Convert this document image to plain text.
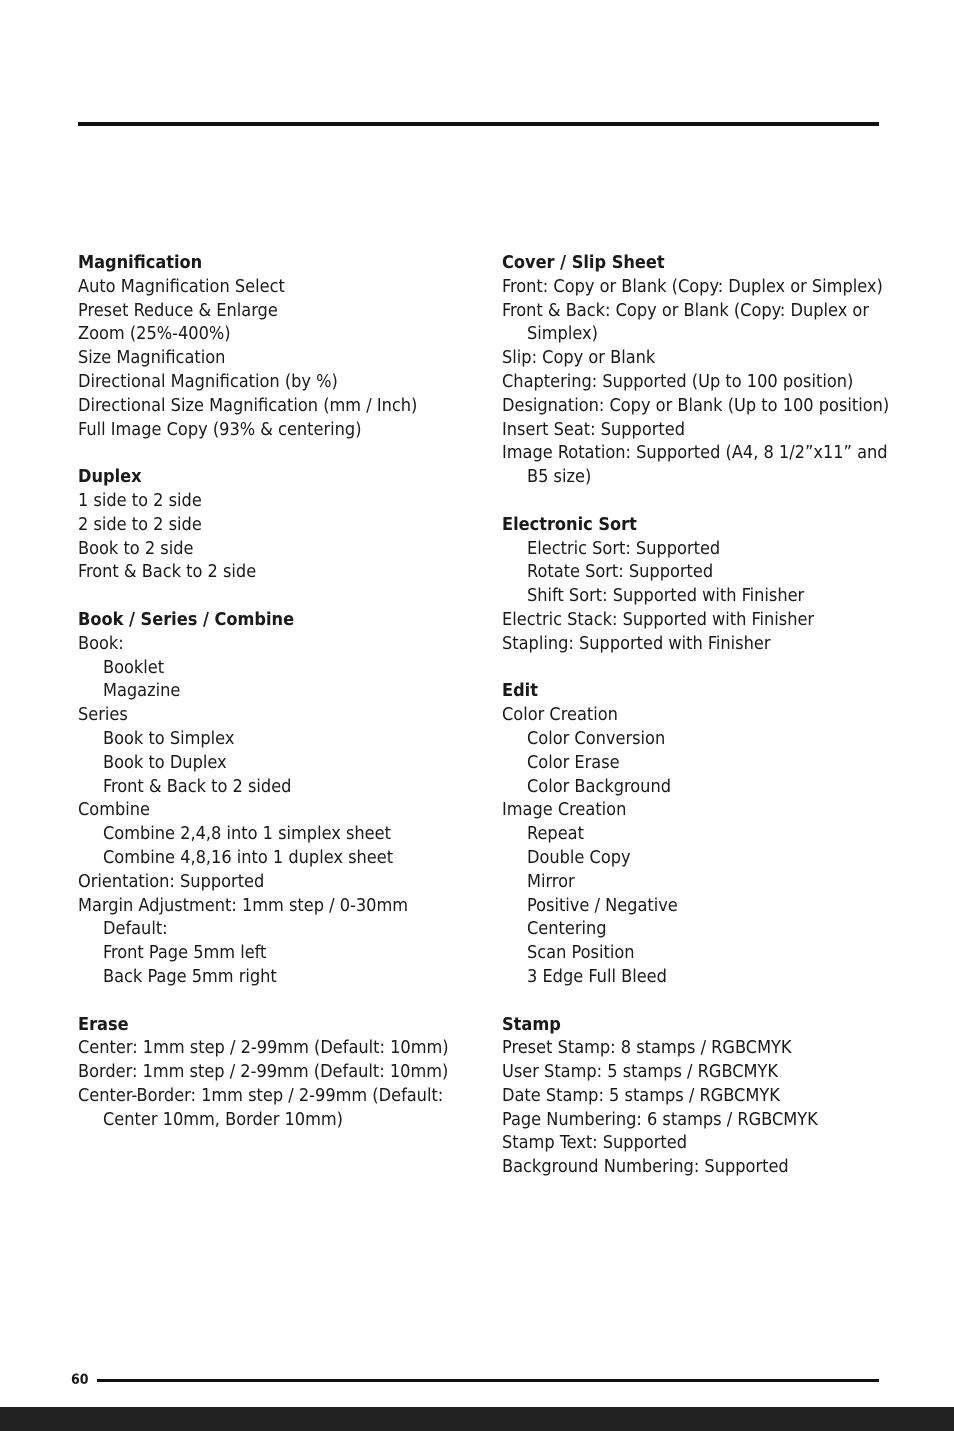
Magnification
Auto Magnification Select
Preset Reduce & Enlarge
Zoom (25%-400%)
Size Magnification
Directional Magnification (by %)
Directional Size Magnification (mm / Inch)
Full Image Copy (93% & centering)
Duplex
1 side to 2 side
2 side to 2 side
Book to 2 side
Front & Back to 2 side
Book / Series / Combine
Book:
Booklet
Magazine
Series
Book to Simplex
Book to Duplex
Front & Back to 2 sided
Combine
Combine 2,4,8 into 1 simplex sheet
Combine 4,8,16 into 1 duplex sheet
Orientation: Supported
Margin Adjustment: 1mm step / 0-30mm
Default:
Front Page 5mm left
Back Page 5mm right
Erase
Center: 1mm step / 2-99mm (Default: 10mm)
Border: 1mm step / 2-99mm (Default: 10mm)
Center-Border: 1mm step / 2-99mm (Default: Center 10mm, Border 10mm)
Cover / Slip Sheet
Front: Copy or Blank (Copy: Duplex or Simplex)
Front & Back: Copy or Blank (Copy: Duplex or Simplex)
Slip: Copy or Blank
Chaptering: Supported (Up to 100 position)
Designation: Copy or Blank (Up to 100 position)
Insert Seat: Supported
Image Rotation: Supported (A4, 8 1/2”x11” and B5 size)
Electronic Sort
Electric Sort: Supported
Rotate Sort: Supported
Shift Sort: Supported with Finisher
Electric Stack: Supported with Finisher
Stapling: Supported with Finisher
Edit
Color Creation
Color Conversion
Color Erase
Color Background
Image Creation
Repeat
Double Copy
Mirror
Positive / Negative
Centering
Scan Position
3 Edge Full Bleed
Stamp
Preset Stamp: 8 stamps / RGBCMYK
User Stamp: 5 stamps / RGBCMYK
Date Stamp: 5 stamps / RGBCMYK
Page Numbering: 6 stamps / RGBCMYK
Stamp Text: Supported
Background Numbering: Supported
60
